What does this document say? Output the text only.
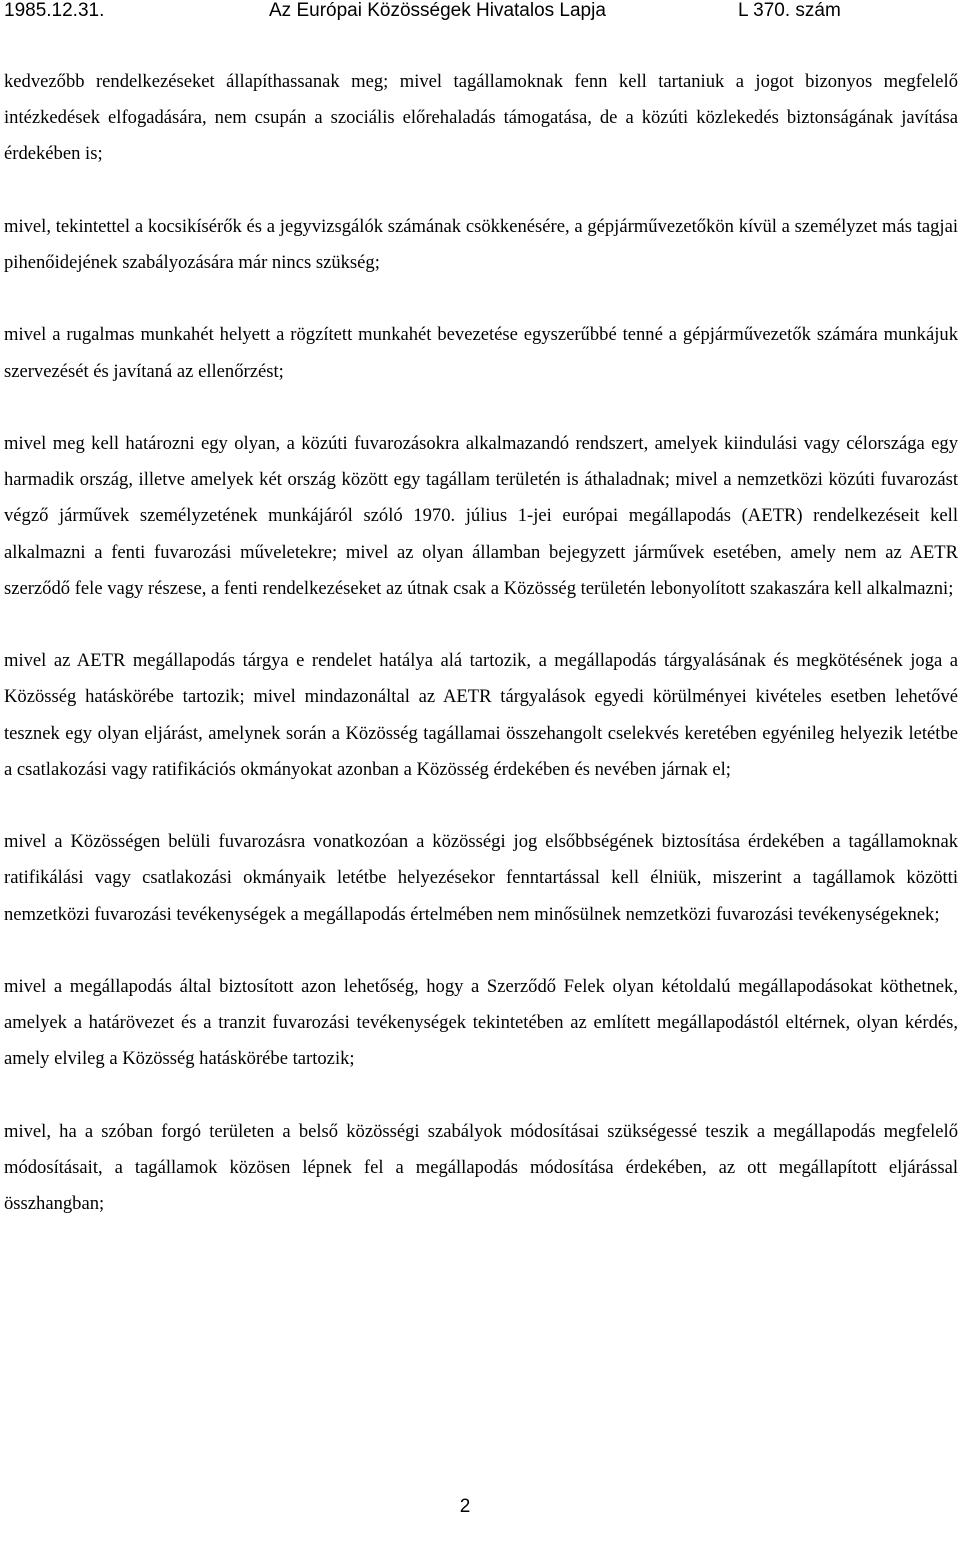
1985.12.31.	Az Európai Közösségek Hivatalos Lapja	L 370. szám

kedvezőbb rendelkezéseket állapíthassanak meg; mivel tagállamoknak fenn kell tartaniuk a jogot bizonyos megfelelő intézkedések elfogadására, nem csupán a szociális előrehaladás támogatása, de a közúti közlekedés biztonságának javítása érdekében is;

mivel, tekintettel a kocsikísérők és a jegyvizsgálók számának csökkenésére, a gépjárművezetőkön kívül a személyzet más tagjai pihenőidejének szabályozására már nincs szükség;

mivel a rugalmas munkahét helyett a rögzített munkahét bevezetése egyszerűbbé tenné a gépjárművezetők számára munkájuk szervezését és javítaná az ellenőrzést;

mivel meg kell határozni egy olyan, a közúti fuvarozásokra alkalmazandó rendszert, amelyek kiindulási vagy célországa egy harmadik ország, illetve amelyek két ország között egy tagállam területén is áthaladnak; mivel a nemzetközi közúti fuvarozást végző járművek személyzetének munkájáról szóló 1970. július 1-jei európai megállapodás (AETR) rendelkezéseit kell alkalmazni a fenti fuvarozási műveletekre; mivel az olyan államban bejegyzett járművek esetében, amely nem az AETR szerződő fele vagy részese, a fenti rendelkezéseket az útnak csak a Közösség területén lebonyolított szakaszára kell alkalmazni;

mivel az AETR megállapodás tárgya e rendelet hatálya alá tartozik, a megállapodás tárgyalásának és megkötésének joga a Közösség hatáskörébe tartozik; mivel mindazonáltal az AETR tárgyalások egyedi körülményei kivételes esetben lehetővé tesznek egy olyan eljárást, amelynek során a Közösség tagállamai összehangolt cselekvés keretében egyénileg helyezik letétbe a csatlakozási vagy ratifikációs okmányokat azonban a Közösség érdekében és nevében járnak el;

mivel a Közösségen belüli fuvarozásra vonatkozóan a közösségi jog elsőbbségének biztosítása érdekében a tagállamoknak ratifikálási vagy csatlakozási okmányaik letétbe helyezésekor fenntartással kell élniük, miszerint a tagállamok közötti nemzetközi fuvarozási tevékenységek a megállapodás értelmében nem minősülnek nemzetközi fuvarozási tevékenységeknek;

mivel a megállapodás által biztosított azon lehetőség, hogy a Szerződő Felek olyan kétoldalú megállapodásokat köthetnek, amelyek a határövezet és a tranzit fuvarozási tevékenységek tekintetében az említett megállapodástól eltérnek, olyan kérdés, amely elvileg a Közösség hatáskörébe tartozik;

mivel, ha a szóban forgó területen a belső közösségi szabályok módosításai szükségessé teszik a megállapodás megfelelő módosításait, a tagállamok közösen lépnek fel a megállapodás módosítása érdekében, az ott megállapított eljárással összhangban;

2
